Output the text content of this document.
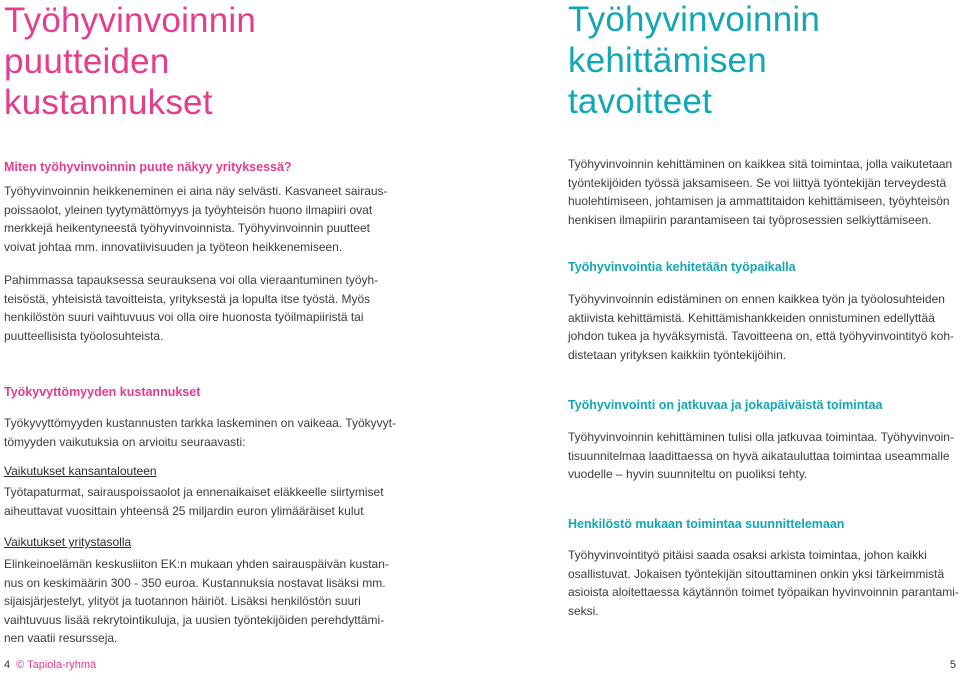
Työhyvinvoinnin
puutteiden
kustannukset
Miten työhyvinvoinnin puute näkyy yrityksessä?

Työhyvinvoinnin heikkeneminen ei aina näy selvästi. Kasvaneet sairaus-
poissaolot, yleinen tyytymättömyys ja työyhteisön huono ilmapiiri ovat
merkkejä heikentyneestä työhyvinvoinnista. Työhyvinvoinnin puutteet
voivat johtaa mm. innovatiivisuuden ja työteon heikkenemiseen.

Pahimmassa tapauksessa seurauksena voi olla vieraantuminen työyh-
teisöstä, yhteisistä tavoitteista, yrityksestä ja lopulta itse työstä. Myös
henkilöstön suuri vaihtuvuus voi olla oire huonosta työilmapiiristä tai
puutteellisista työolosuhteista.

Työkyvyttömyyden kustannukset

Työkyvyttömyyden kustannusten tarkka laskeminen on vaikeaa. Työkyvyt-
tömyyden vaikutuksia on arvioitu seuraavasti:

Vaikutukset kansantalouteen

Työtapaturmat, sairauspoissaolot ja ennenaikaiset eläkkeelle siirtymiset
aiheuttavat vuosittain yhteensä 25 miljardin euron ylimääräiset kulut

Vaikutukset yritystasolla

Elinkeinoelämän keskusliiton EK:n mukaan yhden sairauspäivän kustan-
nus on keskimäärin 300 - 350 euroa. Kustannuksia nostavat lisäksi mm.
sijaisjärjestelyt, ylityöt ja tuotannon häiriöt. Lisäksi henkilöstön suuri
vaihtuvuus lisää rekrytointikuluja, ja uusien työntekijöiden perehdyttämi-
nen vaatii resursseja.

Työhyvinvoinnin
kehittämisen
tavoitteet

Työhyvinvoinnin kehittäminen on kaikkea sitä toimintaa, jolla vaikutetaan
työntekijöiden työssä jaksamiseen. Se voi liittyä työntekijän terveydestä
huolehtimiseen, johtamisen ja ammattitaidon kehittämiseen, työyhteisön
henkisen ilmapiirin parantamiseen tai työprosessien selkiyttämiseen.

Työhyvinvointia kehitetään työpaikalla

Työhyvinvoinnin edistäminen on ennen kaikkea työn ja työolosuhteiden
aktiivista kehittämistä. Kehittämishankkeiden onnistuminen edellyttää
johdon tukea ja hyväksymistä. Tavoitteena on, että työhyvinvointityö koh-
distetaan yrityksen kaikkiin työntekijöihin.

Työhyvinvointi on jatkuvaa ja jokapäiväistä toimintaa

Työhyvinvoinnin kehittäminen tulisi olla jatkuvaa toimintaa. Työhyvinvoin-
tisuunnitelmaa laadittaessa on hyvä aikatauluttaa toimintaa useammalle
vuodelle – hyvin suunniteltu on puoliksi tehty.

Henkilöstö mukaan toimintaa suunnittelemaan

Työhyvinvointityö pitäisi saada osaksi arkista toimintaa, johon kaikki
osallistuvat. Jokaisen työntekijän sitouttaminen onkin yksi tärkeimmistä
asioista aloitettaessa käytännön toimet työpaikan hyvinvoinnin parantami-
seksi.

4 © Tapiola-ryhmä	5
